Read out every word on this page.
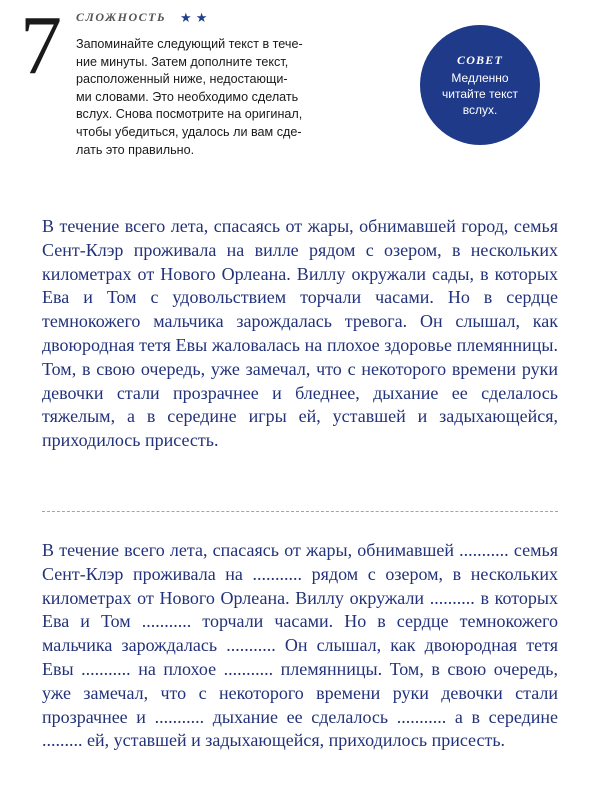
7 СЛОЖНОСТЬ ★ ★
Запоминайте следующий текст в тече-
ние минуты. Затем дополните текст,
расположенный ниже, недостающи-
ми словами. Это необходимо сделать
вслух. Снова посмотрите на оригинал,
чтобы убедиться, удалось ли вам сде-
лать это правильно.
СОВЕТ
Медленно
читайте текст
вслух.

В течение всего лета, спасаясь от жары, обнимавшей город, семья Сент-Клэр проживала на вилле рядом с озером, в нескольких километрах от Нового Орлеана. Виллу окружали сады, в которых Ева и Том с удовольствием торчали часами. Но в сердце темнокожего мальчика зарождалась тревога. Он слышал, как двоюродная тетя Евы жаловалась на плохое здоровье племянницы. Том, в свою очередь, уже замечал, что с некоторого времени руки девочки стали прозрачнее и бледнее, дыхание ее сделалось тяжелым, а в середине игры ей, уставшей и задыхающейся, приходилось присесть.

В течение всего лета, спасаясь от жары, обнимавшей ........... семья Сент-Клэр проживала на ........... рядом с озером, в нескольких километрах от Нового Орлеана. Виллу окружали .......... в которых Ева и Том ........... торчали часами. Но в сердце темнокожего мальчика зарождалась ........... Он слышал, как двоюродная тетя Евы ........... на плохое ........... племянницы. Том, в свою очередь, уже замечал, что с некоторого времени руки девочки стали прозрачнее и ........... дыхание ее сделалось ........... а в середине ......... ей, уставшей и задыхающейся, приходилось присесть.
